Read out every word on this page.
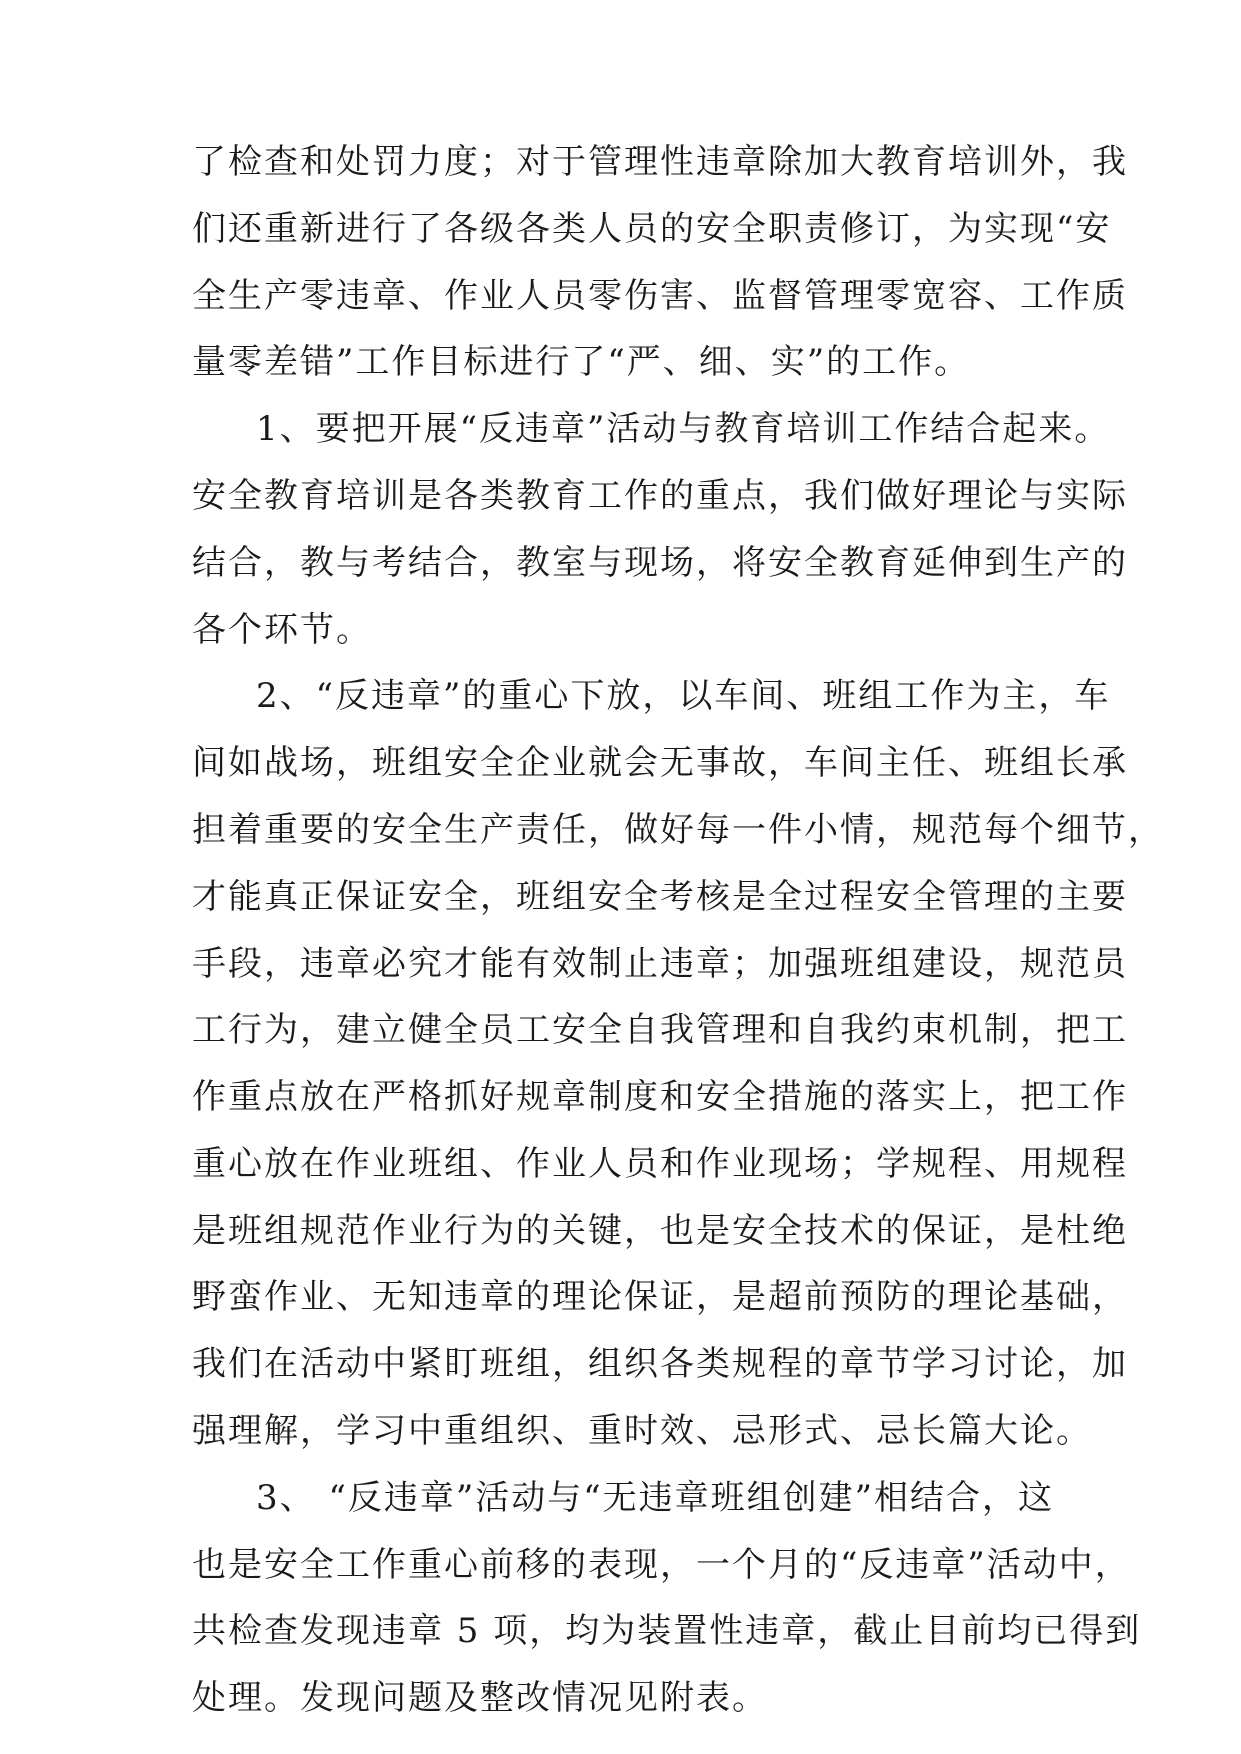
了检查和处罚力度；对于管理性违章除加大教育培训外，我
们还重新进行了各级各类人员的安全职责修订，为实现“安
全生产零违章、作业人员零伤害、监督管理零宽容、工作质
量零差错”工作目标进行了“严、细、实”的工作。
1、要把开展“反违章”活动与教育培训工作结合起来。
安全教育培训是各类教育工作的重点，我们做好理论与实际
结合，教与考结合，教室与现场，将安全教育延伸到生产的
各个环节。
2、“反违章”的重心下放，以车间、班组工作为主，车
间如战场，班组安全企业就会无事故，车间主任、班组长承
担着重要的安全生产责任，做好每一件小情，规范每个细节，
才能真正保证安全，班组安全考核是全过程安全管理的主要
手段，违章必究才能有效制止违章；加强班组建设，规范员
工行为，建立健全员工安全自我管理和自我约束机制，把工
作重点放在严格抓好规章制度和安全措施的落实上，把工作
重心放在作业班组、作业人员和作业现场；学规程、用规程
是班组规范作业行为的关键，也是安全技术的保证，是杜绝
野蛮作业、无知违章的理论保证，是超前预防的理论基础，
我们在活动中紧盯班组，组织各类规程的章节学习讨论，加
强理解，学习中重组织、重时效、忌形式、忌长篇大论。
3、 “反违章”活动与“无违章班组创建”相结合，这
也是安全工作重心前移的表现，一个月的“反违章”活动中，
共检查发现违章 5 项，均为装置性违章，截止目前均已得到
处理。发现问题及整改情况见附表。
